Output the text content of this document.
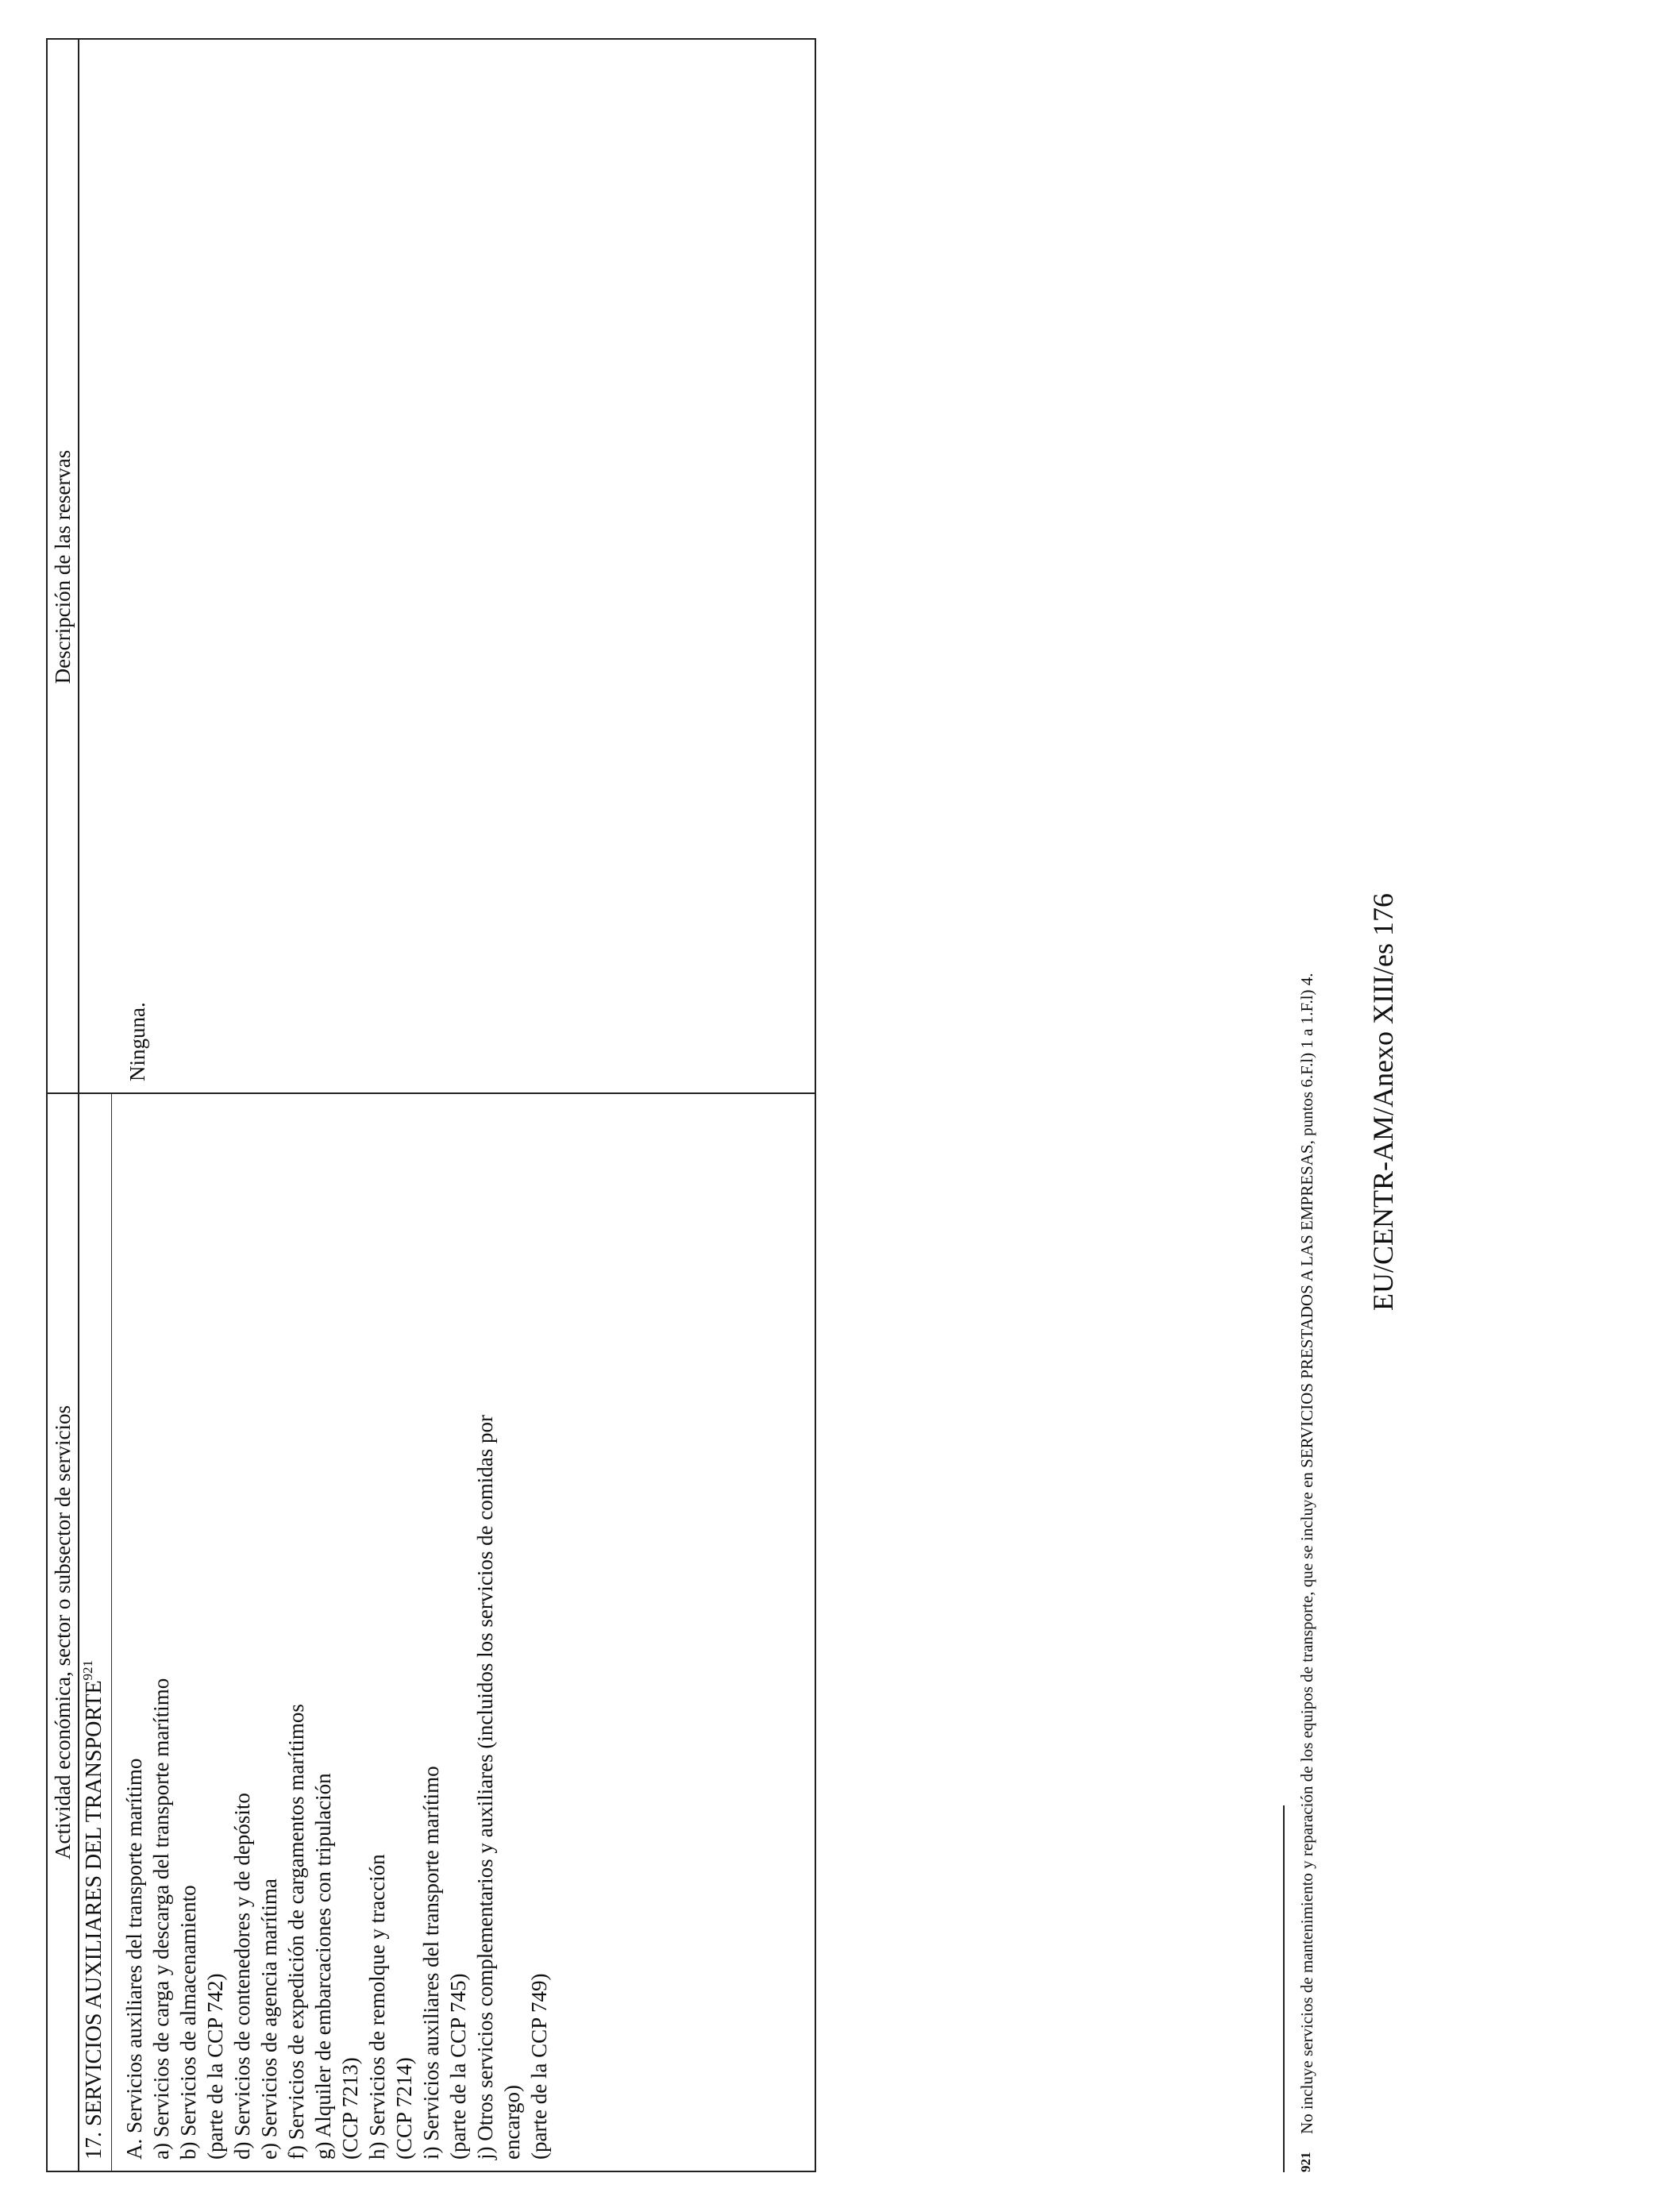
Actividad económica, sector o subsector de servicios
Descripción de las reservas
17. SERVICIOS AUXILIARES DEL TRANSPORTE$^{921}$
A. Servicios auxiliares del transporte marítimo a) Servicios de carga y descarga del transporte marítimo b) Servicios de almacenamiento (parte de la CCP 742) d) Servicios de contenedores y de depósito e) Servicios de agencia marítima f) Servicios de expedición de cargamentos marítimos g) Alquiler de embarcaciones con tripulación (CCP 7213) h) Servicios de remolque y tracción (CCP 7214) i) Servicios auxiliares del transporte marítimo (parte de la CCP 745) j) Otros servicios complementarios y auxiliares (incluidos los servicios de comidas por encargo) (parte de la CCP 749)
Ninguna.
921No incluye servicios de mantenimiento y reparación de los equipos de transporte, que se incluye en SERVICIOS PRESTADOS A LAS EMPRESAS, puntos 6.F.l) 1 a 1.F.l) 4. EU/CENTR-AM/Anexo XIII/es 176
